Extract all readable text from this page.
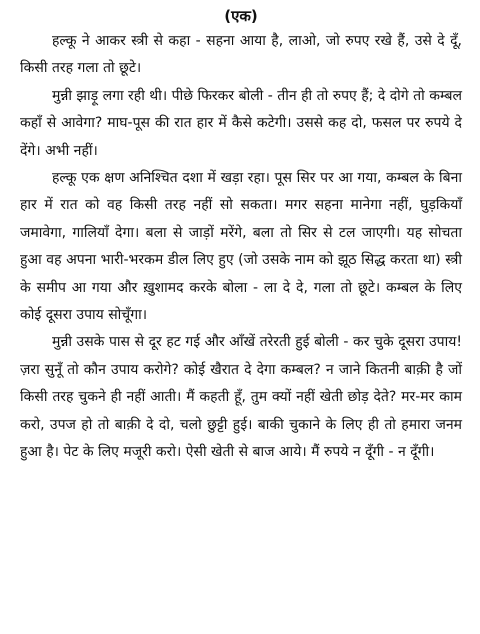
(एक)

हल्कू ने आकर स्त्री से कहा - सहना आया है, लाओ, जो रुपए रखे हैं, उसे दे दूँ, किसी तरह गला तो छूटे।

मुन्नी झाड़ू लगा रही थी। पीछे फिरकर बोली - तीन ही तो रुपए हैं; दे दोगे तो कम्बल कहाँ से आवेगा? माघ-पूस की रात हार में कैसे कटेगी। उससे कह दो, फसल पर रुपये दे देंगे। अभी नहीं।

हल्कू एक क्षण अनिश्चित दशा में खड़ा रहा। पूस सिर पर आ गया, कम्बल के बिना हार में रात को वह किसी तरह नहीं सो सकता। मगर सहना मानेगा नहीं, घुड़कियाँ जमावेगा, गालियाँ देगा। बला से जाड़ों मरेंगे, बला तो सिर से टल जाएगी। यह सोचता हुआ वह अपना भारी-भरकम डील लिए हुए (जो उसके नाम को झूठ सिद्ध करता था) स्त्री के समीप आ गया और ख़ुशामद करके बोला - ला दे दे, गला तो छूटे। कम्बल के लिए कोई दूसरा उपाय सोचूँगा।

मुन्नी उसके पास से दूर हट गई और आँखें तरेरती हुई बोली - कर चुके दूसरा उपाय! ज़रा सुनूँ तो कौन उपाय करोगे? कोई खैरात दे देगा कम्बल? न जाने कितनी बाक़ी है जों किसी तरह चुकने ही नहीं आती। मैं कहती हूँ, तुम क्यों नहीं खेती छोड़ देते? मर-मर काम करो, उपज हो तो बाक़ी दे दो, चलो छुट्टी हुई। बाकी चुकाने के लिए ही तो हमारा जनम हुआ है। पेट के लिए मजूरी करो। ऐसी खेती से बाज आये। मैं रुपये न दूँगी - न दूँगी।
